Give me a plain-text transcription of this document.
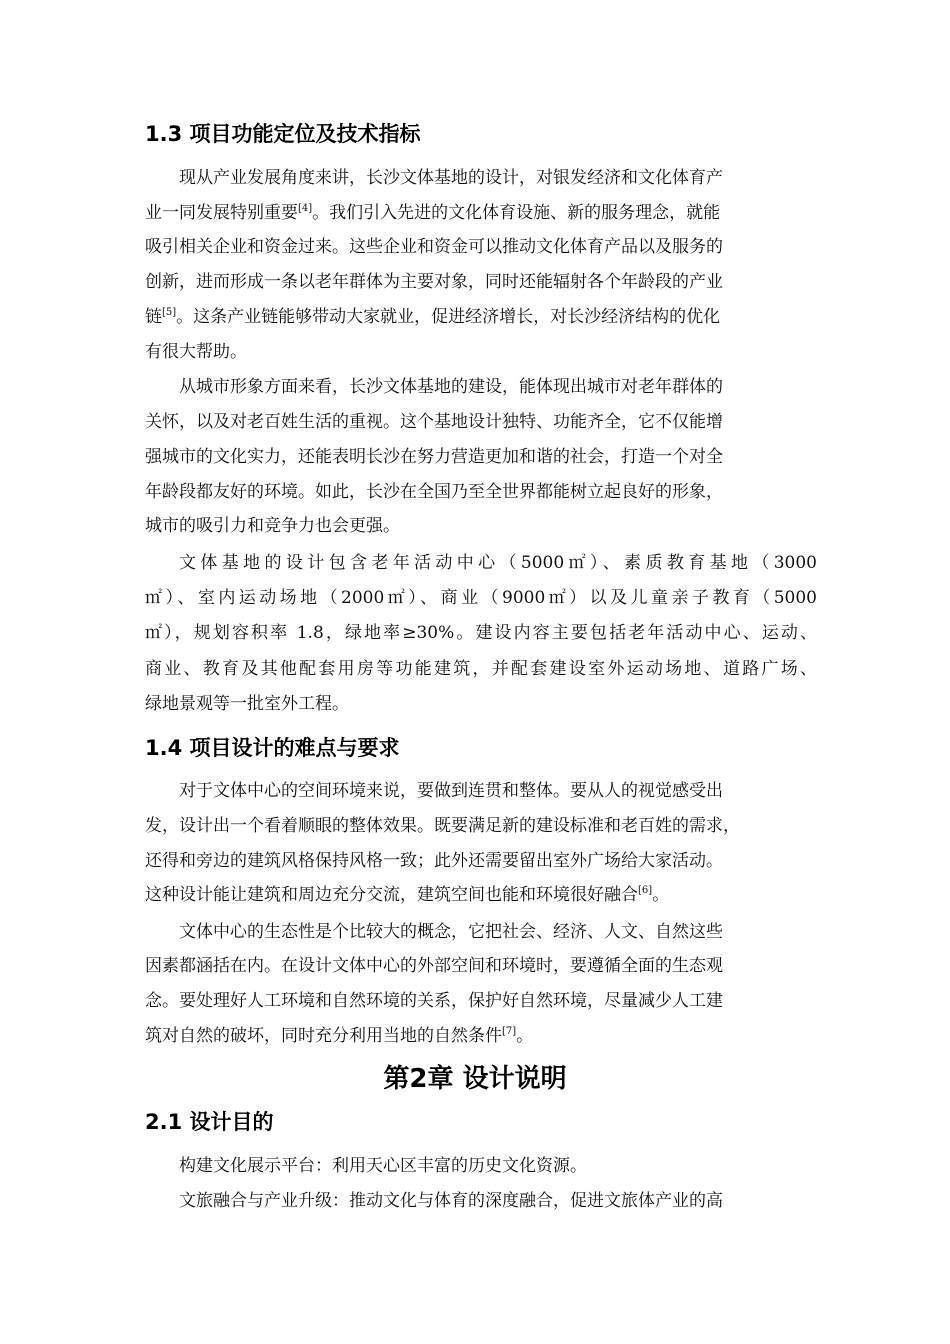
1.3 项目功能定位及技术指标
现从产业发展角度来讲，长沙文体基地的设计，对银发经济和文化体育产
业一同发展特别重要[4]。我们引入先进的文化体育设施、新的服务理念，就能
吸引相关企业和资金过来。这些企业和资金可以推动文化体育产品以及服务的
创新，进而形成一条以老年群体为主要对象，同时还能辐射各个年龄段的产业
链[5]。这条产业链能够带动大家就业，促进经济增长，对长沙经济结构的优化
有很大帮助。
从城市形象方面来看，长沙文体基地的建设，能体现出城市对老年群体的
关怀，以及对老百姓生活的重视。这个基地设计独特、功能齐全，它不仅能增
强城市的文化实力，还能表明长沙在努力营造更加和谐的社会，打造一个对全
年龄段都友好的环境。如此，长沙在全国乃至全世界都能树立起良好的形象，
城市的吸引力和竞争力也会更强。
文体基地的设计包含老年活动中心（5000㎡）、素质教育基地（3000
㎡）、室内运动场地（2000㎡）、商业（9000㎡）以及儿童亲子教育（5000
㎡），规划容积率 1.8，绿地率≥30%。建设内容主要包括老年活动中心、运动、
商业、教育及其他配套用房等功能建筑，并配套建设室外运动场地、道路广场、
绿地景观等一批室外工程。
1.4 项目设计的难点与要求
对于文体中心的空间环境来说，要做到连贯和整体。要从人的视觉感受出
发，设计出一个看着顺眼的整体效果。既要满足新的建设标准和老百姓的需求，
还得和旁边的建筑风格保持风格一致；此外还需要留出室外广场给大家活动。
这种设计能让建筑和周边充分交流，建筑空间也能和环境很好融合[6]。
文体中心的生态性是个比较大的概念，它把社会、经济、人文、自然这些
因素都涵括在内。在设计文体中心的外部空间和环境时，要遵循全面的生态观
念。要处理好人工环境和自然环境的关系，保护好自然环境，尽量减少人工建
筑对自然的破坏，同时充分利用当地的自然条件[7]。
第2章 设计说明
2.1 设计目的
构建文化展示平台：利用天心区丰富的历史文化资源。
文旅融合与产业升级：推动文化与体育的深度融合，促进文旅体产业的高
